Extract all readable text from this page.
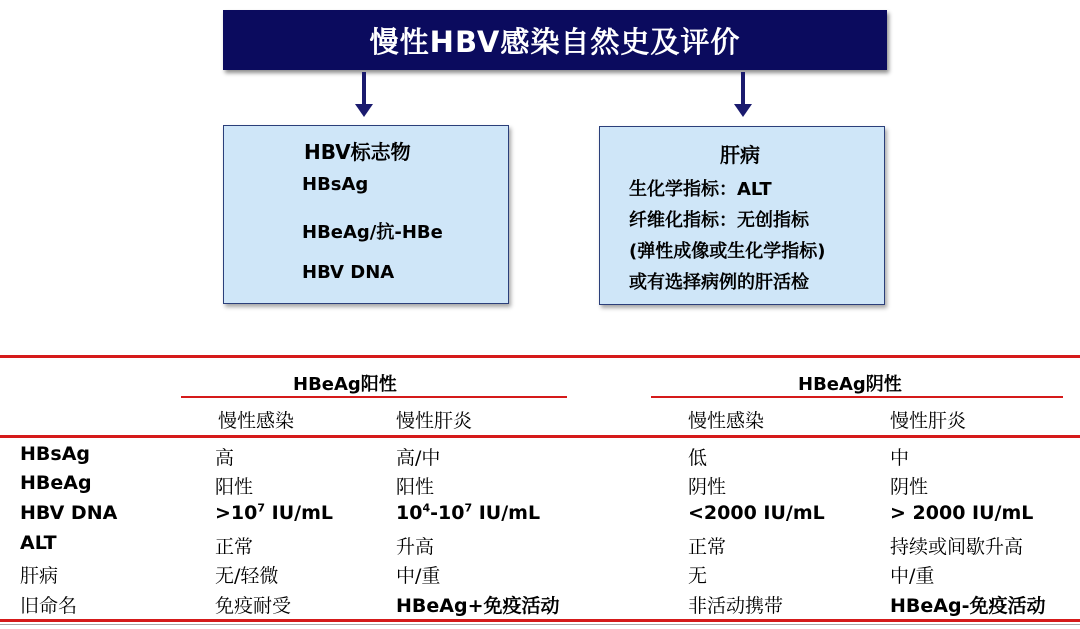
慢性HBV感染自然史及评价
HBV标志物
HBsAg
HBeAg/抗-HBe
HBV DNA
肝病
生化学指标：ALT
纤维化指标：无创指标
(弹性成像或生化学指标)
或有选择病例的肝活检
HBeAg阳性	HBeAg阴性
慢性感染	慢性肝炎	慢性感染	慢性肝炎
HBsAg	高	高/中	低	中
HBeAg	阳性	阳性	阴性	阴性
HBV DNA	$>10^7$ IU/mL	$10^4-10^7$ IU/mL	<2000 IU/mL	> 2000 IU/mL
ALT	正常	升高	正常	持续或间歇升高
肝病	无/轻微	中/重	无	中/重
旧命名	免疫耐受	HBeAg+免疫活动	非活动携带	HBeAg-免疫活动
